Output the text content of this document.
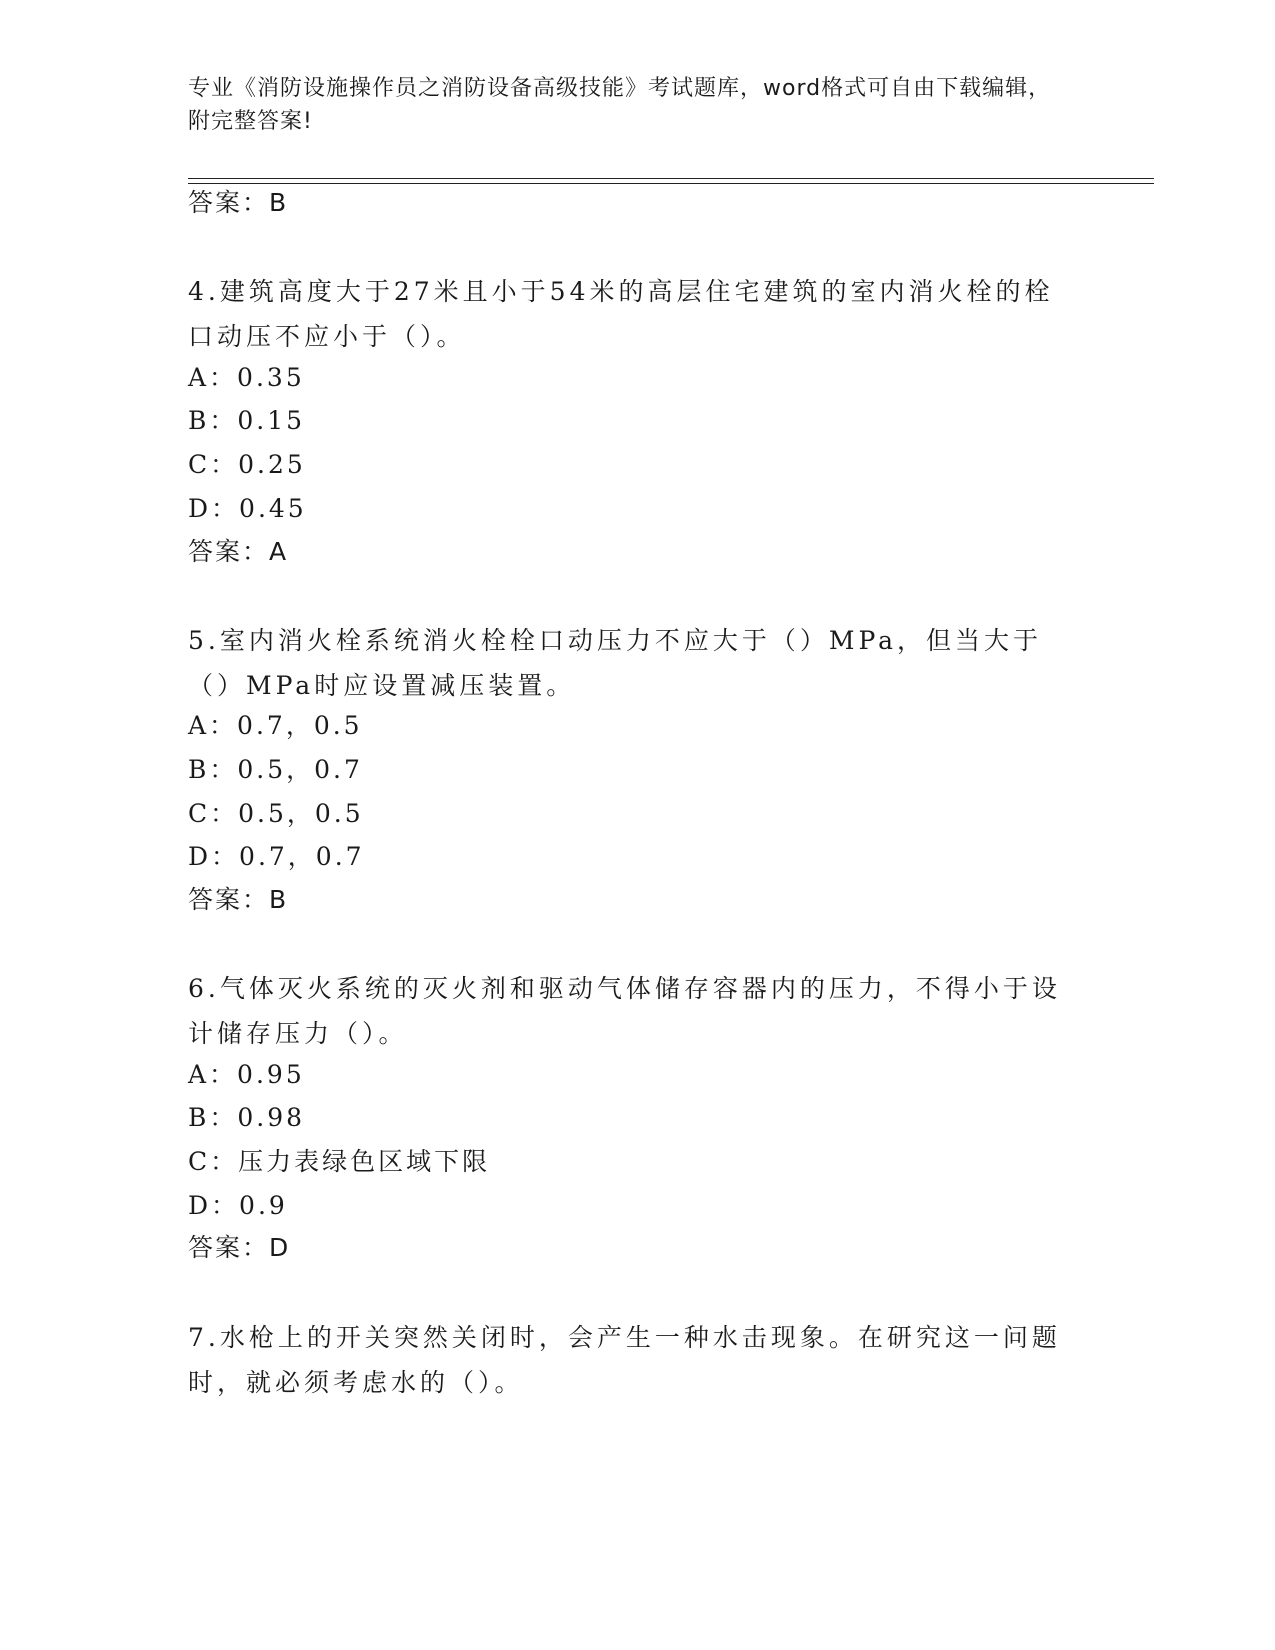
专业《消防设施操作员之消防设备高级技能》考试题库，word格式可自由下载编辑，附完整答案!
答案：B
4.建筑高度大于27米且小于54米的高层住宅建筑的室内消火栓的栓口动压不应小于（）。
A：0.35
B：0.15
C：0.25
D：0.45
答案：A
5.室内消火栓系统消火栓栓口动压力不应大于（）MPa，但当大于（）MPa时应设置减压装置。
A：0.7，0.5
B：0.5，0.7
C：0.5，0.5
D：0.7，0.7
答案：B
6.气体灭火系统的灭火剂和驱动气体储存容器内的压力，不得小于设计储存压力（）。
A：0.95
B：0.98
C：压力表绿色区域下限
D：0.9
答案：D
7.水枪上的开关突然关闭时，会产生一种水击现象。在研究这一问题时，就必须考虑水的（）。
